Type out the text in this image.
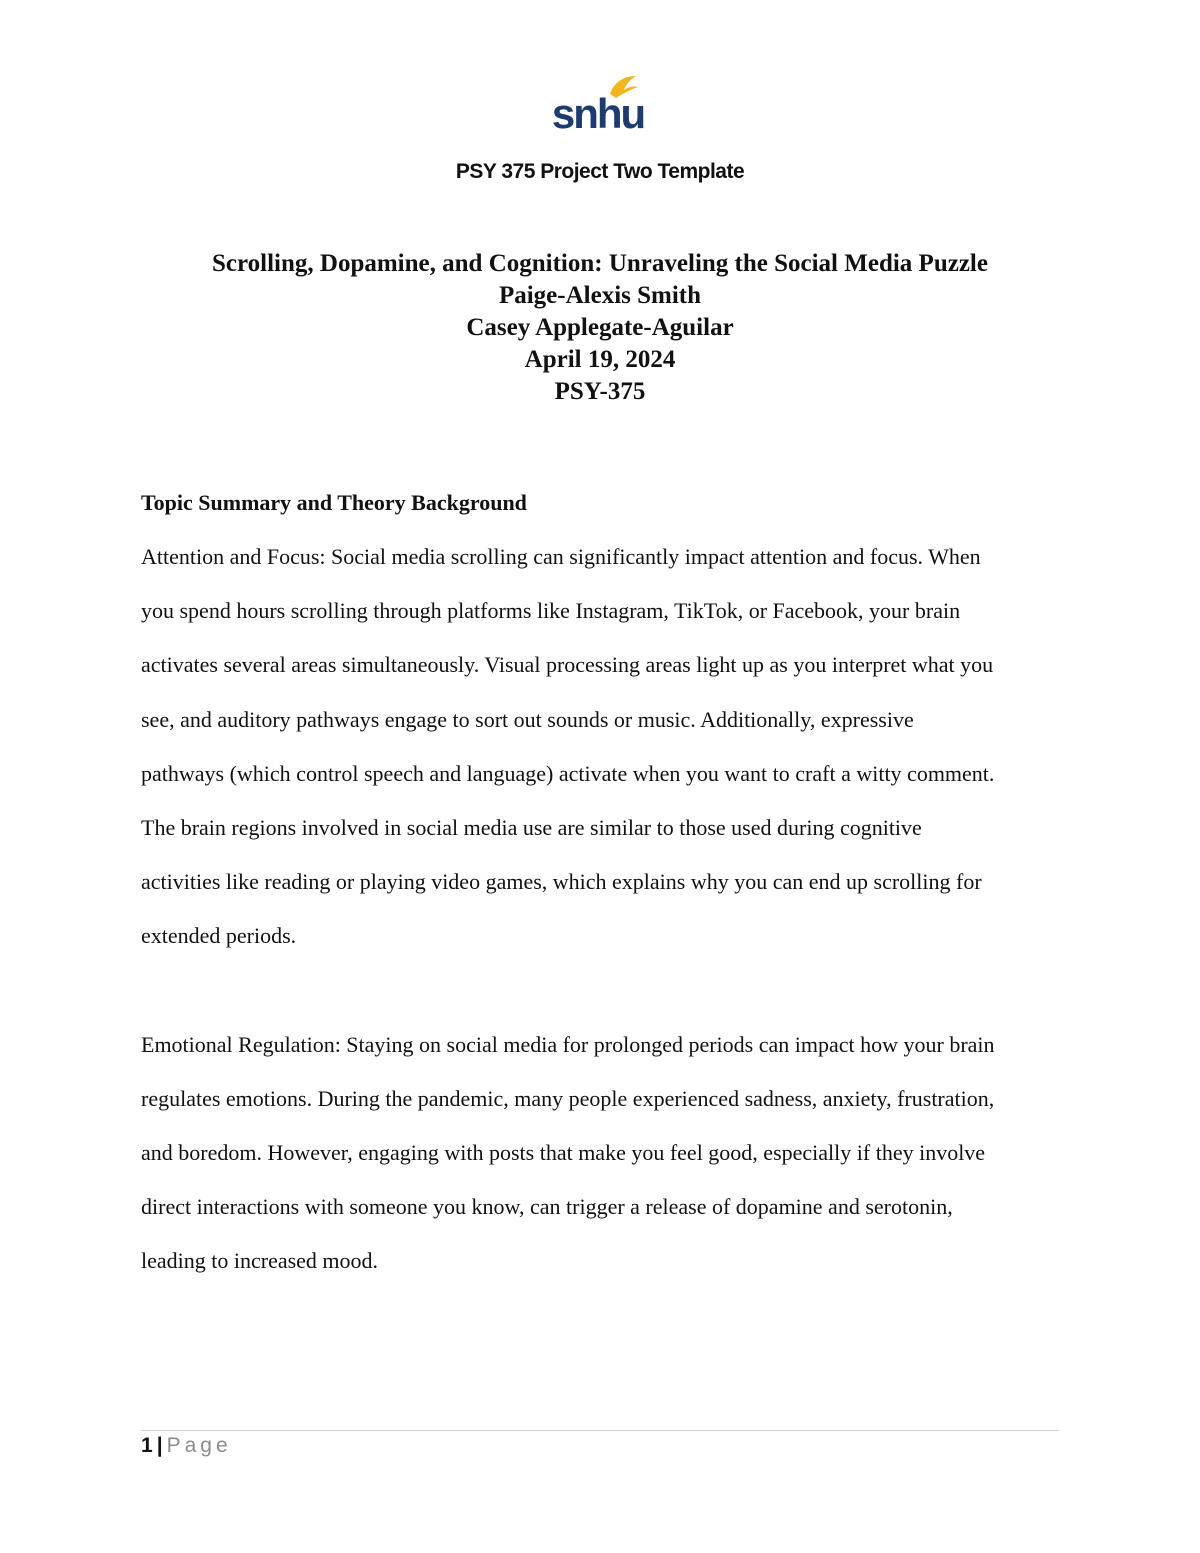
snhu
PSY 375 Project Two Template
Scrolling, Dopamine, and Cognition: Unraveling the Social Media Puzzle
Paige-Alexis Smith
Casey Applegate-Aguilar
April 19, 2024
PSY-375
Topic Summary and Theory Background

Attention and Focus: Social media scrolling can significantly impact attention and focus. When

you spend hours scrolling through platforms like Instagram, TikTok, or Facebook, your brain

activates several areas simultaneously. Visual processing areas light up as you interpret what you

see, and auditory pathways engage to sort out sounds or music. Additionally, expressive

pathways (which control speech and language) activate when you want to craft a witty comment.

The brain regions involved in social media use are similar to those used during cognitive

activities like reading or playing video games, which explains why you can end up scrolling for

extended periods.

Emotional Regulation: Staying on social media for prolonged periods can impact how your brain

regulates emotions. During the pandemic, many people experienced sadness, anxiety, frustration,

and boredom. However, engaging with posts that make you feel good, especially if they involve

direct interactions with someone you know, can trigger a release of dopamine and serotonin,

leading to increased mood.

1 | Page
